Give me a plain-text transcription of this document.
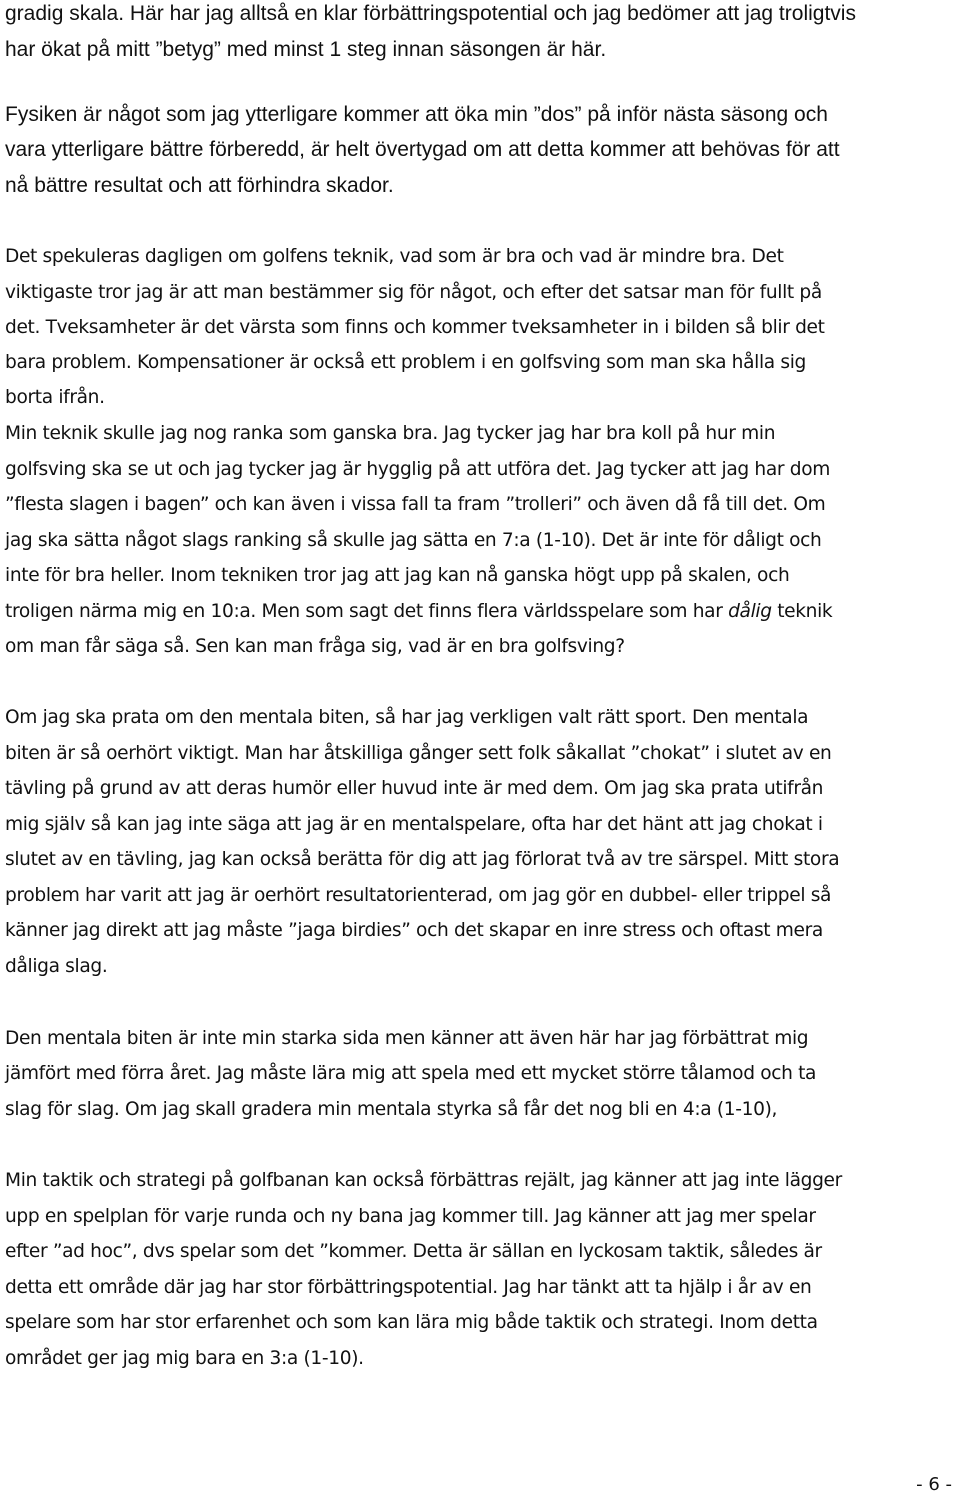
gradig skala. Här har jag alltså en klar förbättringspotential och jag bedömer att jag troligtvis

har ökat på mitt ”betyg” med minst 1 steg innan säsongen är här.

Fysiken är något som jag ytterligare kommer att öka min ”dos” på inför nästa säsong och

vara ytterligare bättre förberedd, är helt övertygad om att detta kommer att behövas för att

nå bättre resultat och att förhindra skador.

Det spekuleras dagligen om golfens teknik, vad som är bra och vad är mindre bra. Det

viktigaste tror jag är att man bestämmer sig för något, och efter det satsar man för fullt på

det. Tveksamheter är det värsta som finns och kommer tveksamheter in i bilden så blir det

bara problem. Kompensationer är också ett problem i en golfsving som man ska hålla sig

borta ifrån.

Min teknik skulle jag nog ranka som ganska bra. Jag tycker jag har bra koll på hur min

golfsving ska se ut och jag tycker jag är hygglig på att utföra det. Jag tycker att jag har dom

”flesta slagen i bagen” och kan även i vissa fall ta fram ”trolleri” och även då få till det. Om

jag ska sätta något slags ranking så skulle jag sätta en 7:a (1-10). Det är inte för dåligt och

inte för bra heller. Inom tekniken tror jag att jag kan nå ganska högt upp på skalen, och

troligen närma mig en 10:a. Men som sagt det finns flera världsspelare som har dålig teknik

om man får säga så. Sen kan man fråga sig, vad är en bra golfsving?

Om jag ska prata om den mentala biten, så har jag verkligen valt rätt sport. Den mentala

biten är så oerhört viktigt. Man har åtskilliga gånger sett folk såkallat ”chokat” i slutet av en

tävling på grund av att deras humör eller huvud inte är med dem. Om jag ska prata utifrån

mig själv så kan jag inte säga att jag är en mentalspelare, ofta har det hänt att jag chokat i

slutet av en tävling, jag kan också berätta för dig att jag förlorat två av tre särspel. Mitt stora

problem har varit att jag är oerhört resultatorienterad, om jag gör en dubbel- eller trippel så

känner jag direkt att jag måste ”jaga birdies” och det skapar en inre stress och oftast mera

dåliga slag.

Den mentala biten är inte min starka sida men känner att även här har jag förbättrat mig

jämfört med förra året. Jag måste lära mig att spela med ett mycket större tålamod och ta

slag för slag. Om jag skall gradera min mentala styrka så får det nog bli en 4:a (1-10),

Min taktik och strategi på golfbanan kan också förbättras rejält, jag känner att jag inte lägger

upp en spelplan för varje runda och ny bana jag kommer till. Jag känner att jag mer spelar

efter ”ad hoc”, dvs spelar som det ”kommer. Detta är sällan en lyckosam taktik, således är

detta ett område där jag har stor förbättringspotential. Jag har tänkt att ta hjälp i år av en

spelare som har stor erfarenhet och som kan lära mig både taktik och strategi. Inom detta

området ger jag mig bara en 3:a (1-10).

- 6 -
